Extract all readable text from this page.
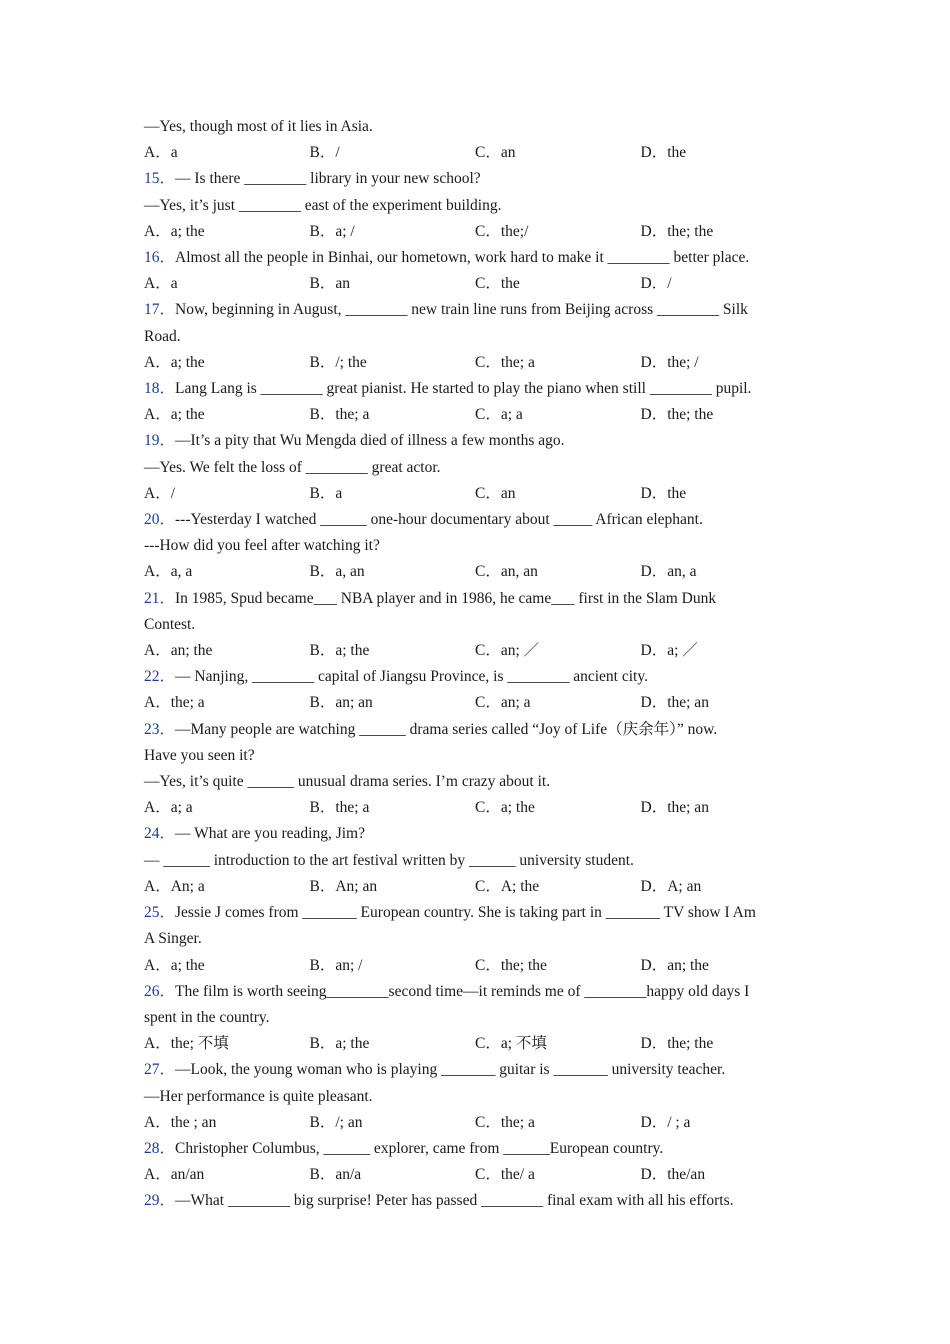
—Yes, though most of it lies in Asia.
A．a	B．/	C．an	D．the
15．— Is there ________ library in your new school?
—Yes, it’s just ________ east of the experiment building.
A．a; the	B．a; /	C．the;/	D．the; the
16．Almost all the people in Binhai, our hometown, work hard to make it ________ better place.
A．a	B．an	C．the	D．/
17．Now, beginning in August, ________ new train line runs from Beijing across ________ Silk
Road.
A．a; the	B．/; the	C．the; a	D．the; /
18．Lang Lang is ________ great pianist. He started to play the piano when still ________ pupil.
A．a; the	B．the; a	C．a; a	D．the; the
19．—It’s a pity that Wu Mengda died of illness a few months ago.
—Yes. We felt the loss of ________ great actor.
A．/	B．a	C．an	D．the
20．---Yesterday I watched ______ one-hour documentary about _____ African elephant.
---How did you feel after watching it?
A．a, a	B．a, an	C．an, an	D．an, a
21．In 1985, Spud became___ NBA player and in 1986, he came___ first in the Slam Dunk
Contest.
A．an; the	B．a; the	C．an; ／	D．a; ／
22．— Nanjing, ________ capital of Jiangsu Province, is ________ ancient city.
A．the; a	B．an; an	C．an; a	D．the; an
23．—Many people are watching ______ drama series called “Joy of Life（庆余年）” now.
Have you seen it?
—Yes, it’s quite ______ unusual drama series. I’m crazy about it.
A．a; a	B．the; a	C．a; the	D．the; an
24．— What are you reading, Jim?
— ______ introduction to the art festival written by ______ university student.
A．An; a	B．An; an	C．A; the	D．A; an
25．Jessie J comes from _______ European country. She is taking part in _______ TV show I Am
A Singer.
A．a; the	B．an; /	C．the; the	D．an; the
26．The film is worth seeing________second time—it reminds me of ________happy old days I
spent in the country.
A．the; 不填	B．a; the	C．a; 不填	D．the; the
27．—Look, the young woman who is playing _______ guitar is _______ university teacher.
—Her performance is quite pleasant.
A．the ; an	B．/; an	C．the; a	D．/ ; a
28．Christopher Columbus, ______ explorer, came from ______European country.
A．an/an	B．an/a	C．the/ a	D．the/an
29．—What ________ big surprise! Peter has passed ________ final exam with all his efforts.
